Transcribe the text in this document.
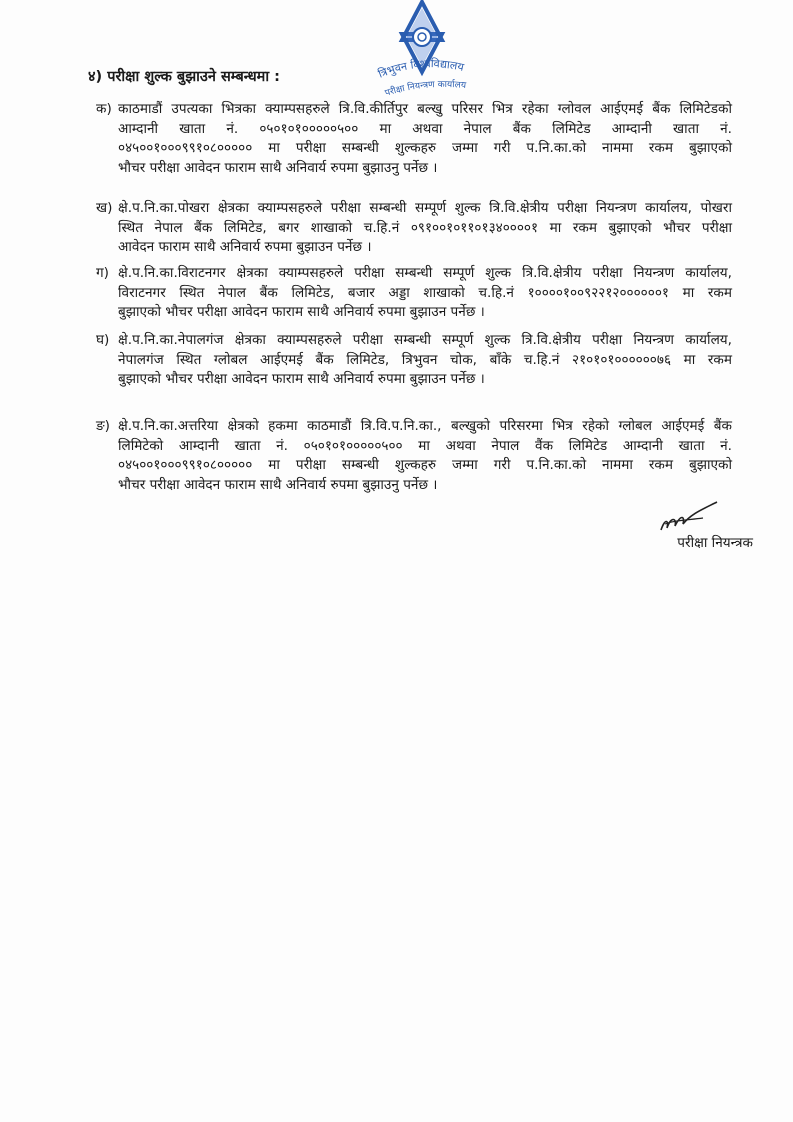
त्रिभुवन विश्वविद्यालय
परीक्षा नियन्त्रण कार्यालय
४) परीक्षा शुल्क बुझाउने सम्बन्धमा :
क) काठमाडौं उपत्यका भित्रका क्याम्पसहरुले त्रि.वि.कीर्तिपुर बल्खु परिसर भित्र रहेका ग्लोवल आईएमई बैंक लिमिटेडको
आम्दानी खाता नं. ०५०१०१०००००५०० मा अथवा नेपाल बैंक लिमिटेड आम्दानी खाता नं.
०४५००१०००९९१०८००००० मा परीक्षा सम्बन्धी शुल्कहरु जम्मा गरी प.नि.का.को नाममा रकम बुझाएको
भौचर परीक्षा आवेदन फाराम साथै अनिवार्य रुपमा बुझाउनु पर्नेछ ।
ख) क्षे.प.नि.का.पोखरा क्षेत्रका क्याम्पसहरुले परीक्षा सम्बन्धी सम्पूर्ण शुल्क त्रि.वि.क्षेत्रीय परीक्षा नियन्त्रण कार्यालय, पोखरा
स्थित नेपाल बैंक लिमिटेड, बगर शाखाको च.हि.नं ०९१००१०११०१३४००००१ मा रकम बुझाएको भौचर परीक्षा
आवेदन फाराम साथै अनिवार्य रुपमा बुझाउन पर्नेछ ।
ग) क्षे.प.नि.का.विराटनगर क्षेत्रका क्याम्पसहरुले परीक्षा सम्बन्धी सम्पूर्ण शुल्क त्रि.वि.क्षेत्रीय परीक्षा नियन्त्रण कार्यालय,
विराटनगर स्थित नेपाल बैंक लिमिटेड, बजार अड्डा शाखाको च.हि.नं १००००१००९२२१२००००००१ मा रकम
बुझाएको भौचर परीक्षा आवेदन फाराम साथै अनिवार्य रुपमा बुझाउन पर्नेछ ।
घ) क्षे.प.नि.का.नेपालगंज क्षेत्रका क्याम्पसहरुले परीक्षा सम्बन्धी सम्पूर्ण शुल्क त्रि.वि.क्षेत्रीय परीक्षा नियन्त्रण कार्यालय,
नेपालगंज स्थित ग्लोबल आईएमई बैंक लिमिटेड, त्रिभुवन चोक, बाँके च.हि.नं २१०१०१००००००७६ मा रकम
बुझाएको भौचर परीक्षा आवेदन फाराम साथै अनिवार्य रुपमा बुझाउन पर्नेछ ।
ङ) क्षे.प.नि.का.अत्तरिया क्षेत्रको हकमा काठमाडौं त्रि.वि.प.नि.का., बल्खुको परिसरमा भित्र रहेको ग्लोबल आईएमई बैंक
लिमिटेको आम्दानी खाता नं. ०५०१०१०००००५०० मा अथवा नेपाल वैंक लिमिटेड आम्दानी खाता नं.
०४५००१०००९९१०८००००० मा परीक्षा सम्बन्धी शुल्कहरु जम्मा गरी प.नि.का.को नाममा रकम बुझाएको
भौचर परीक्षा आवेदन फाराम साथै अनिवार्य रुपमा बुझाउनु पर्नेछ ।
परीक्षा नियन्त्रक
